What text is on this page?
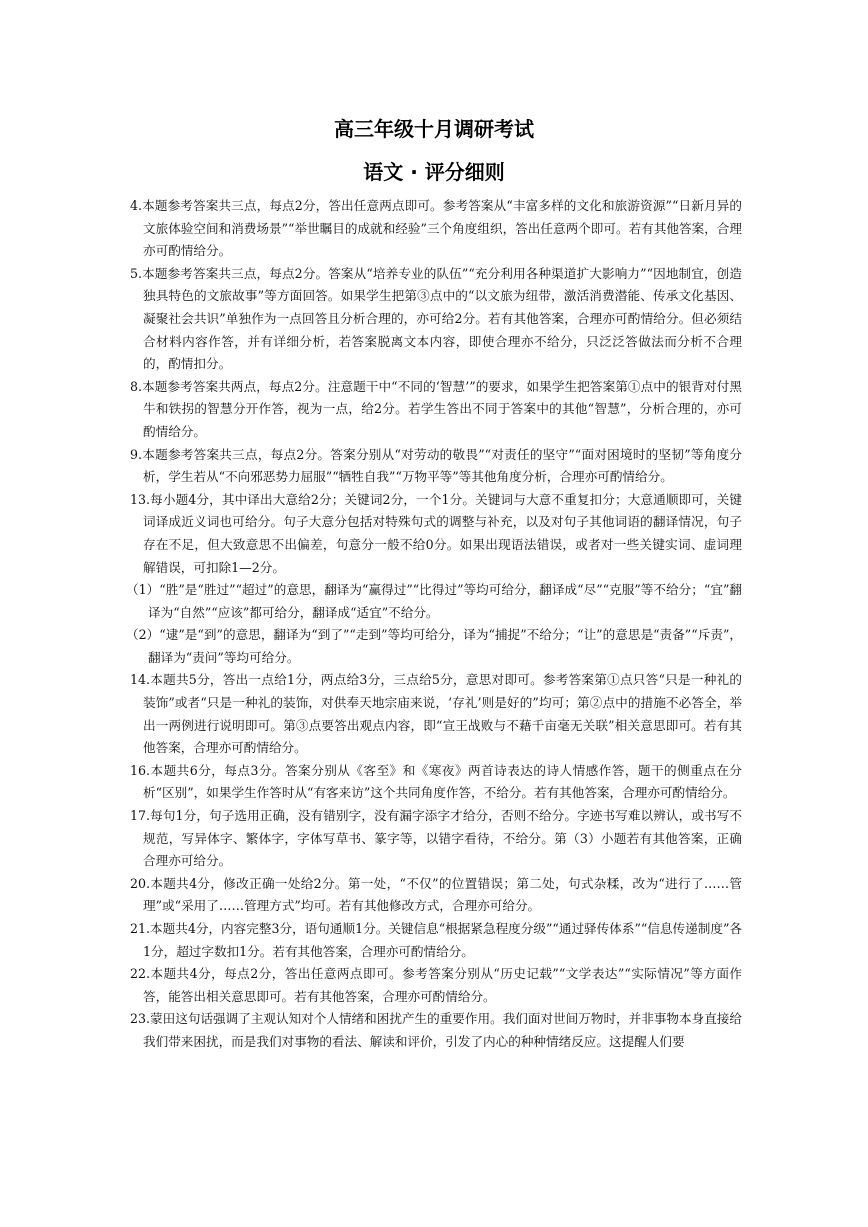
高三年级十月调研考试
语文 · 评分细则

4.本题参考答案共三点，每点2分，答出任意两点即可。参考答案从“丰富多样的文化和旅游资源”“日新月异的文旅体验空间和消费场景”“举世瞩目的成就和经验”三个角度组织，答出任意两个即可。若有其他答案，合理亦可酌情给分。

5.本题参考答案共三点，每点2分。答案从“培养专业的队伍”“充分利用各种渠道扩大影响力”“因地制宜，创造独具特色的文旅故事”等方面回答。如果学生把第③点中的“以文旅为纽带，激活消费潜能、传承文化基因、凝聚社会共识”单独作为一点回答且分析合理的，亦可给2分。若有其他答案，合理亦可酌情给分。但必须结合材料内容作答，并有详细分析，若答案脱离文本内容，即使合理亦不给分，只泛泛答做法而分析不合理的，酌情扣分。

8.本题参考答案共两点，每点2分。注意题干中“不同的‘智慧’”的要求，如果学生把答案第①点中的银背对付黑牛和铁拐的智慧分开作答，视为一点，给2分。若学生答出不同于答案中的其他“智慧”，分析合理的，亦可酌情给分。

9.本题参考答案共三点，每点2分。答案分别从“对劳动的敬畏”“对责任的坚守”“面对困境时的坚韧”等角度分析，学生若从“不向邪恶势力屈服”“牺牲自我”“万物平等”等其他角度分析，合理亦可酌情给分。

13.每小题4分，其中译出大意给2分；关键词2分，一个1分。关键词与大意不重复扣分；大意通顺即可，关键词译成近义词也可给分。句子大意分包括对特殊句式的调整与补充，以及对句子其他词语的翻译情况，句子存在不足，但大致意思不出偏差，句意分一般不给0分。如果出现语法错误，或者对一些关键实词、虚词理解错误，可扣除1—2分。

（1）“胜”是“胜过”“超过”的意思，翻译为“赢得过”“比得过”等均可给分，翻译成“尽”“克服”等不给分；“宜”翻译为“自然”“应该”都可给分，翻译成“适宜”不给分。

（2）“逮”是“到”的意思，翻译为“到了”“走到”等均可给分，译为“捕捉”不给分；“让”的意思是“责备”“斥责”，翻译为“责问”等均可给分。

14.本题共5分，答出一点给1分，两点给3分，三点给5分，意思对即可。参考答案第①点只答“只是一种礼的装饰”或者“只是一种礼的装饰，对供奉天地宗庙来说，‘存礼’则是好的”均可；第②点中的措施不必答全，举出一两例进行说明即可。第③点要答出观点内容，即“宣王战败与不藉千亩毫无关联”相关意思即可。若有其他答案，合理亦可酌情给分。

16.本题共6分，每点3分。答案分别从《客至》和《寒夜》两首诗表达的诗人情感作答，题干的侧重点在分析“区别”，如果学生作答时从“有客来访”这个共同角度作答，不给分。若有其他答案，合理亦可酌情给分。

17.每句1分，句子选用正确，没有错别字，没有漏字添字才给分，否则不给分。字迹书写难以辨认，或书写不规范，写异体字、繁体字，字体写草书、篆字等，以错字看待，不给分。第（3）小题若有其他答案，正确合理亦可给分。

20.本题共4分，修改正确一处给2分。第一处，“不仅”的位置错误；第二处，句式杂糅，改为“进行了……管理”或“采用了……管理方式”均可。若有其他修改方式，合理亦可给分。

21.本题共4分，内容完整3分，语句通顺1分。关键信息“根据紧急程度分级”“通过驿传体系”“信息传递制度”各1分，超过字数扣1分。若有其他答案，合理亦可酌情给分。

22.本题共4分，每点2分，答出任意两点即可。参考答案分别从“历史记载”“文学表达”“实际情况”等方面作答，能答出相关意思即可。若有其他答案，合理亦可酌情给分。

23.蒙田这句话强调了主观认知对个人情绪和困扰产生的重要作用。我们面对世间万物时，并非事物本身直接给我们带来困扰，而是我们对事物的看法、解读和评价，引发了内心的种种情绪反应。这提醒人们要
